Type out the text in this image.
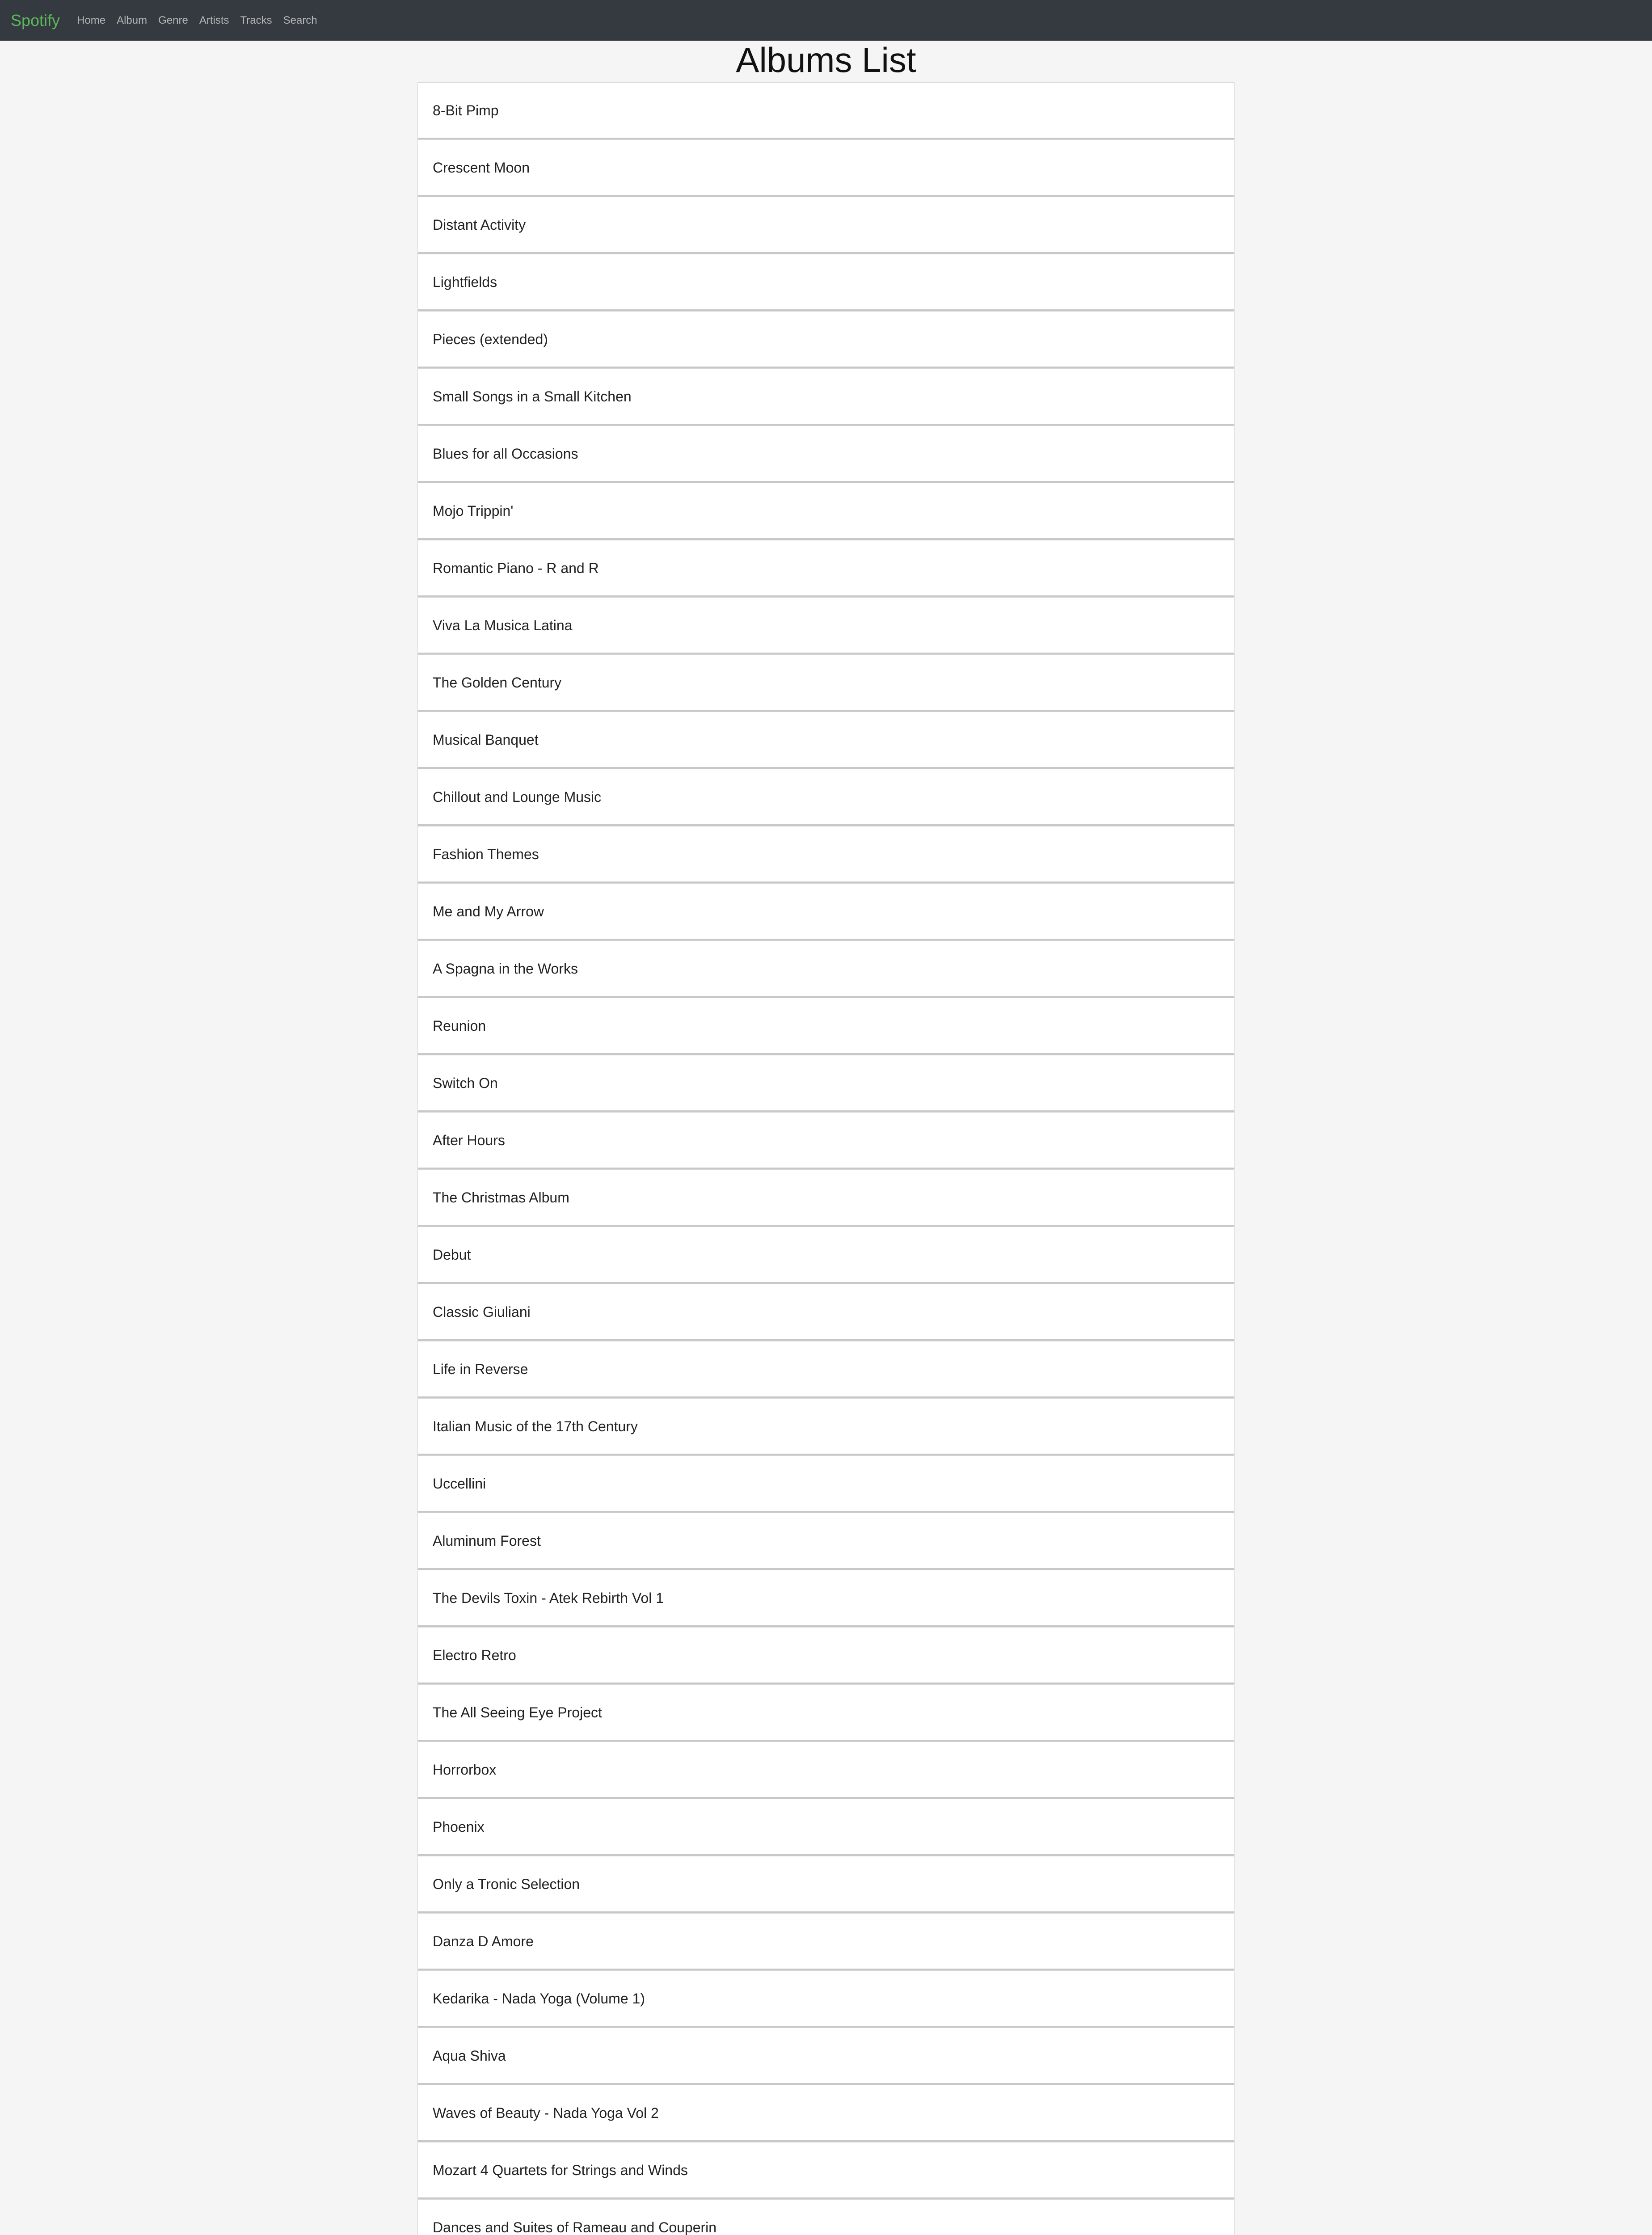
Spotify Home Album Genre Artists Tracks Search
Albums List
8-Bit Pimp
Crescent Moon
Distant Activity
Lightfields
Pieces (extended)
Small Songs in a Small Kitchen
Blues for all Occasions
Mojo Trippin'
Romantic Piano - R and R
Viva La Musica Latina
The Golden Century
Musical Banquet
Chillout and Lounge Music
Fashion Themes
Me and My Arrow
A Spagna in the Works
Reunion
Switch On
After Hours
The Christmas Album
Debut
Classic Giuliani
Life in Reverse
Italian Music of the 17th Century
Uccellini
Aluminum Forest
The Devils Toxin - Atek Rebirth Vol 1
Electro Retro
The All Seeing Eye Project
Horrorbox
Phoenix
Only a Tronic Selection
Danza D Amore
Kedarika - Nada Yoga (Volume 1)
Aqua Shiva
Waves of Beauty - Nada Yoga Vol 2
Mozart 4 Quartets for Strings and Winds
Dances and Suites of Rameau and Couperin
